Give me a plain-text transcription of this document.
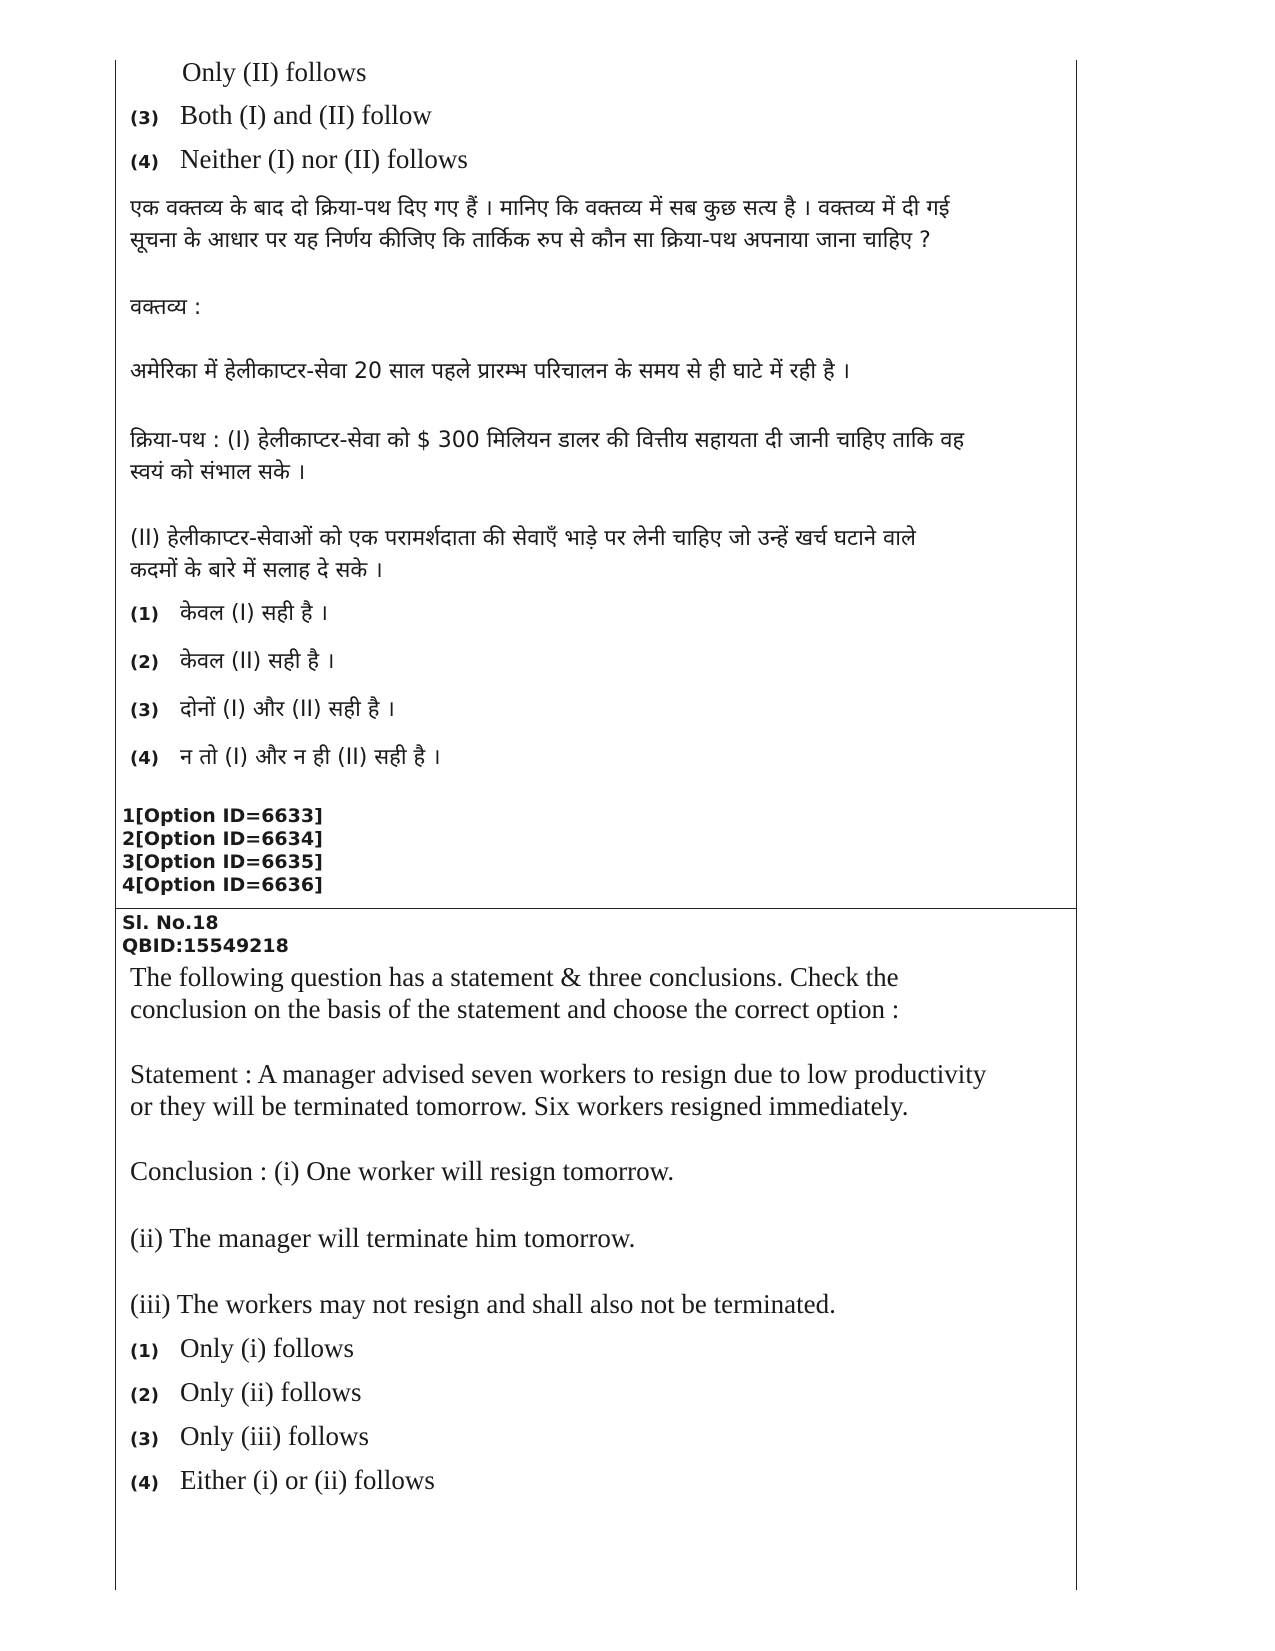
Only (II) follows
(3) Both (I) and (II) follow
(4) Neither (I) nor (II) follows
एक वक्तव्य के बाद दो क्रिया-पथ दिए गए हैं । मानिए कि वक्तव्य में सब कुछ सत्य है । वक्तव्य में दी गई
सूचना के आधार पर यह निर्णय कीजिए कि तार्किक रुप से कौन सा क्रिया-पथ अपनाया जाना चाहिए ?
वक्तव्य :
अमेरिका में हेलीकाप्टर-सेवा 20 साल पहले प्रारम्भ परिचालन के समय से ही घाटे में रही है ।
क्रिया-पथ : (I) हेलीकाप्टर-सेवा को $ 300 मिलियन डालर की वित्तीय सहायता दी जानी चाहिए ताकि वह
स्वयं को संभाल सके ।
(II) हेलीकाप्टर-सेवाओं को एक परामर्शदाता की सेवाएँ भाड़े पर लेनी चाहिए जो उन्हें खर्च घटाने वाले
कदमों के बारे में सलाह दे सके ।
(1) केवल (I) सही है ।
(2) केवल (II) सही है ।
(3) दोनों (I) और (II) सही है ।
(4) न तो (I) और न ही (II) सही है ।
1[Option ID=6633]
2[Option ID=6634]
3[Option ID=6635]
4[Option ID=6636]
Sl. No.18
QBID:15549218
The following question has a statement & three conclusions. Check the
conclusion on the basis of the statement and choose the correct option :
Statement : A manager advised seven workers to resign due to low productivity
or they will be terminated tomorrow. Six workers resigned immediately.
Conclusion : (i) One worker will resign tomorrow.
(ii) The manager will terminate him tomorrow.
(iii) The workers may not resign and shall also not be terminated.
(1) Only (i) follows
(2) Only (ii) follows
(3) Only (iii) follows
(4) Either (i) or (ii) follows
